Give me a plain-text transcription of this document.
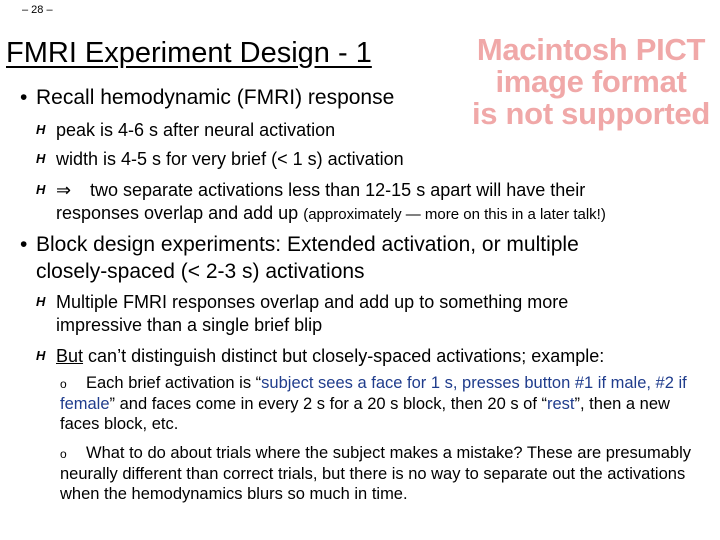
– 28 –
FMRI Experiment Design - 1	Macintosh PICT
image format
is not supported
• Recall hemodynamic (FMRI) response
H peak is 4-6 s after neural activation
H width is 4-5 s for very brief (< 1 s) activation
H ⇒ two separate activations less than 12-15 s apart will have their
responses overlap and add up (approximately — more on this in a later talk!)
• Block design experiments: Extended activation, or multiple
closely-spaced (< 2-3 s) activations
H Multiple FMRI responses overlap and add up to something more
impressive than a single brief blip
H But can’t distinguish distinct but closely-spaced activations; example:
o Each brief activation is “subject sees a face for 1 s, presses button #1 if male, #2 if female” and faces come in every 2 s for a 20 s block, then 20 s of “rest”, then a new faces block, etc.
o What to do about trials where the subject makes a mistake? These are presumably neurally different than correct trials, but there is no way to separate out the activations when the hemodynamics blurs so much in time.
